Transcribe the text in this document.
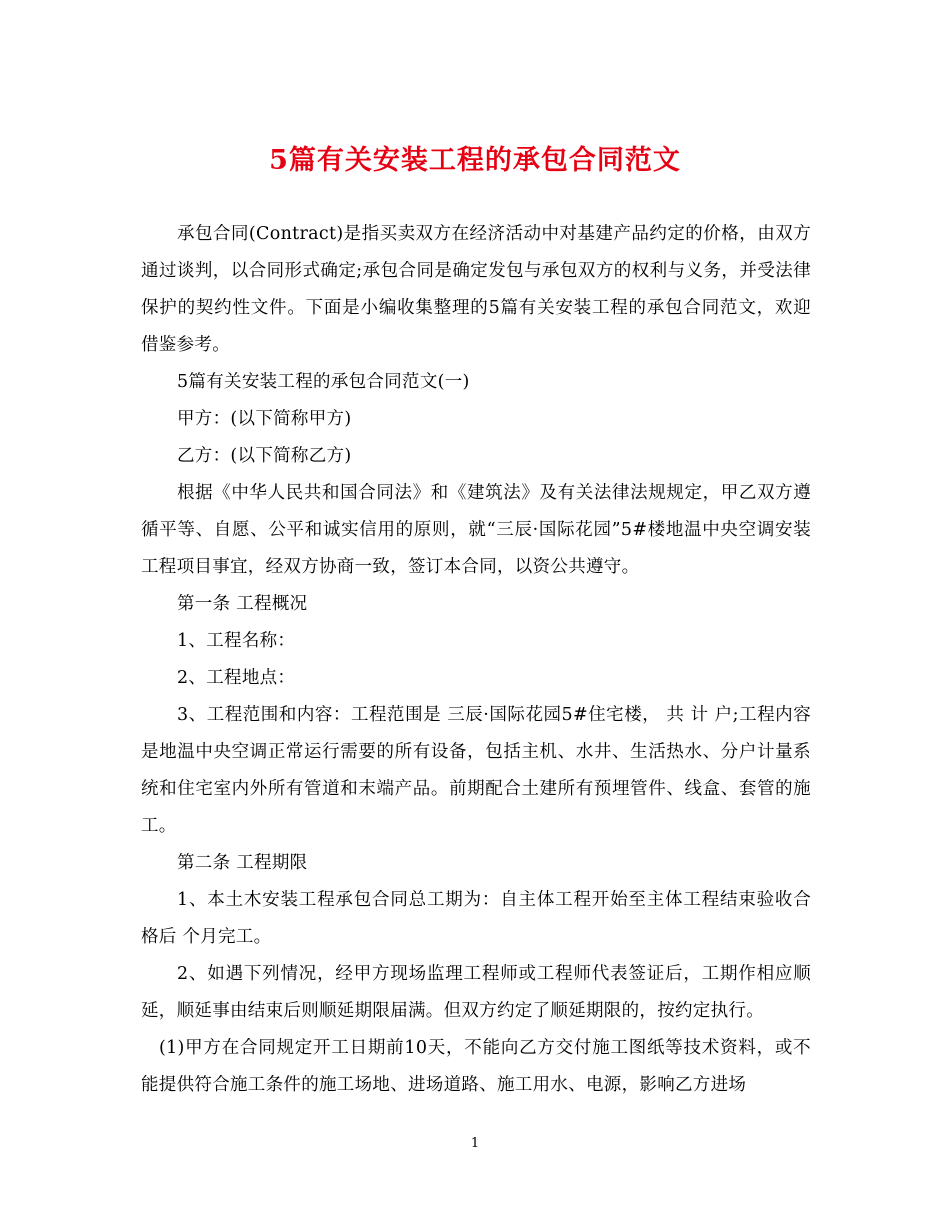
5篇有关安装工程的承包合同范文

承包合同(Contract)是指买卖双方在经济活动中对基建产品约定的价格，由双方通过谈判，以合同形式确定;承包合同是确定发包与承包双方的权利与义务，并受法律保护的契约性文件。下面是小编收集整理的5篇有关安装工程的承包合同范文，欢迎借鉴参考。

5篇有关安装工程的承包合同范文(一)

甲方：(以下简称甲方)

乙方：(以下简称乙方)

根据《中华人民共和国合同法》和《建筑法》及有关法律法规规定，甲乙双方遵循平等、自愿、公平和诚实信用的原则，就“三辰·国际花园”5#楼地温中央空调安装工程项目事宜，经双方协商一致，签订本合同，以资公共遵守。

第一条 工程概况

1、工程名称：

2、工程地点：

3、工程范围和内容：工程范围是 三辰·国际花园5#住宅楼， 共 计 户;工程内容是地温中央空调正常运行需要的所有设备，包括主机、水井、生活热水、分户计量系统和住宅室内外所有管道和末端产品。前期配合土建所有预埋管件、线盒、套管的施工。

第二条 工程期限

1、本土木安装工程承包合同总工期为：自主体工程开始至主体工程结束验收合格后 个月完工。

2、如遇下列情况，经甲方现场监理工程师或工程师代表签证后，工期作相应顺延，顺延事由结束后则顺延期限届满。但双方约定了顺延期限的，按约定执行。

(1)甲方在合同规定开工日期前10天，不能向乙方交付施工图纸等技术资料，或不能提供符合施工条件的施工场地、进场道路、施工用水、电源，影响乙方进场

1
